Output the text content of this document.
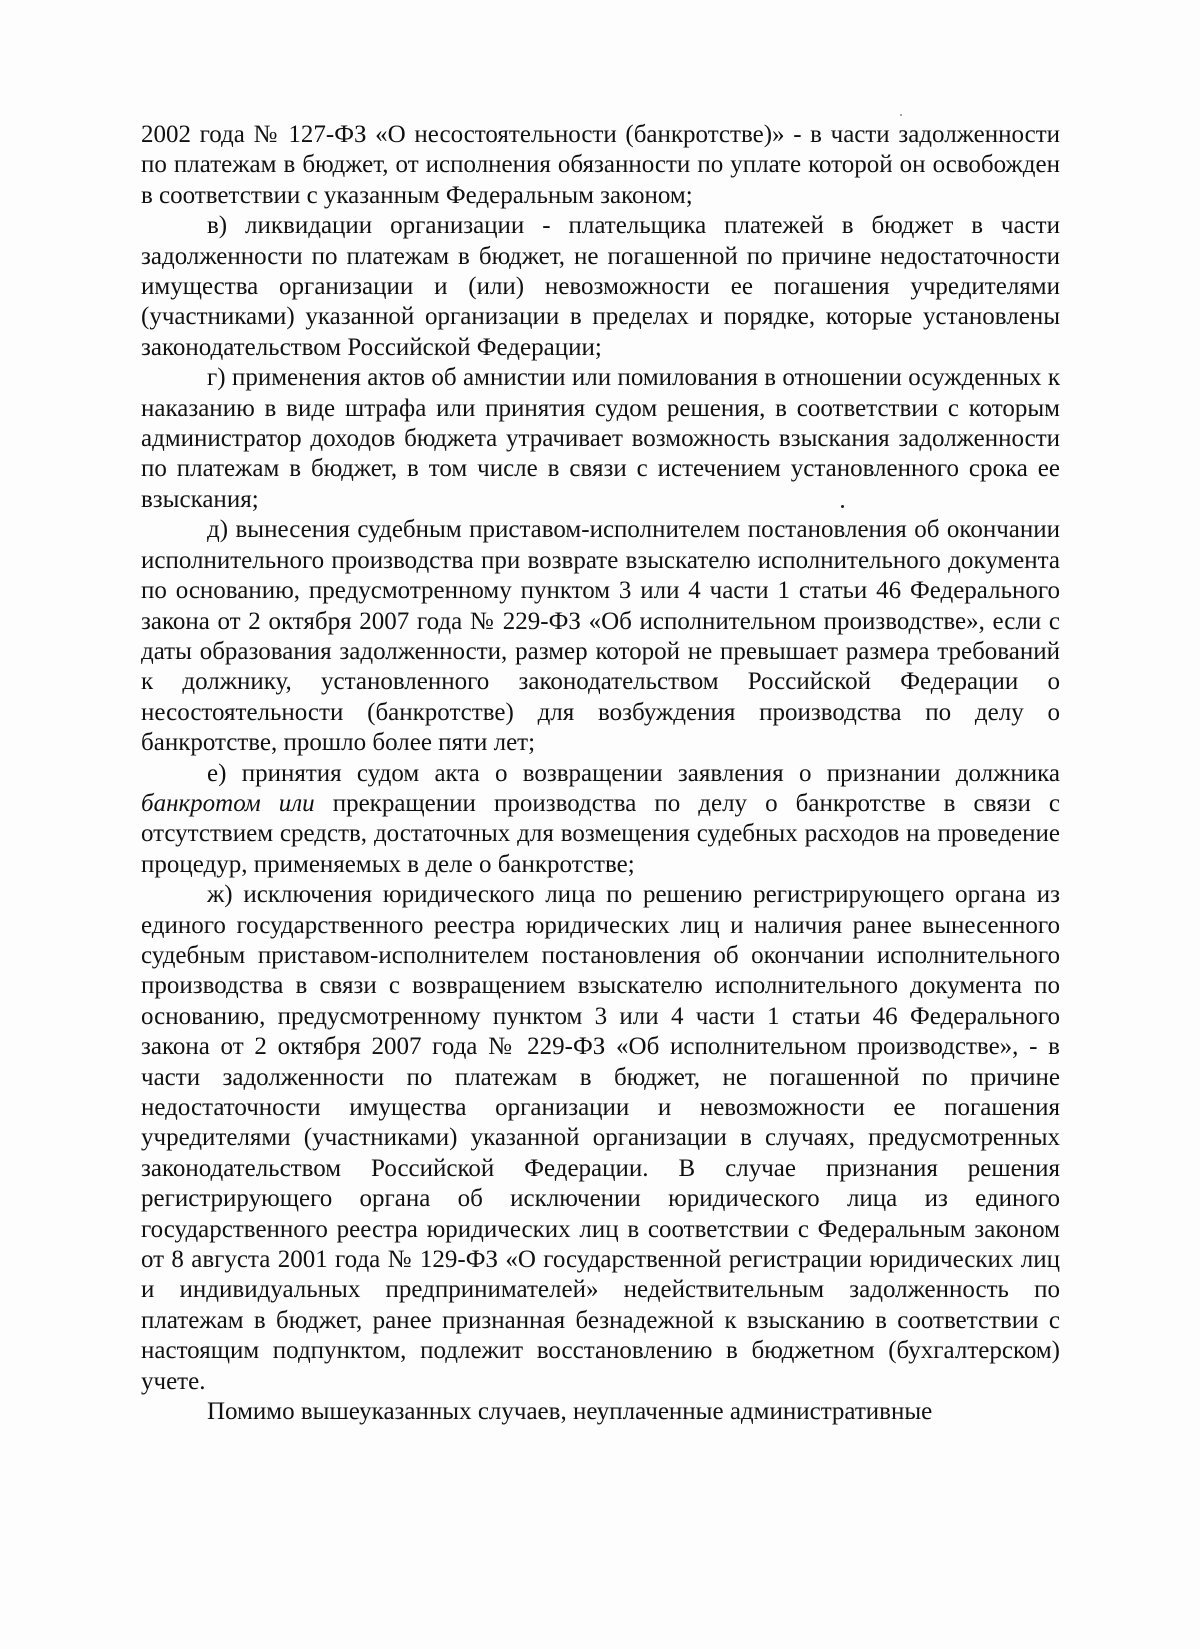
2002 года № 127-ФЗ «О несостоятельности (банкротстве)» - в части задолженности по платежам в бюджет, от исполнения обязанности по уплате которой он освобожден в соответствии с указанным Федеральным законом;

в) ликвидации организации - плательщика платежей в бюджет в части задолженности по платежам в бюджет, не погашенной по причине недостаточности имущества организации и (или) невозможности ее погашения учредителями (участниками) указанной организации в пределах и порядке, которые установлены законодательством Российской Федерации;

г) применения актов об амнистии или помилования в отношении осужденных к наказанию в виде штрафа или принятия судом решения, в соответствии с которым администратор доходов бюджета утрачивает возможность взыскания задолженности по платежам в бюджет, в том числе в связи с истечением установленного срока ее взыскания;

д) вынесения судебным приставом-исполнителем постановления об окончании исполнительного производства при возврате взыскателю исполнительного документа по основанию, предусмотренному пунктом 3 или 4 части 1 статьи 46 Федерального закона от 2 октября 2007 года № 229-ФЗ «Об исполнительном производстве», если с даты образования задолженности, размер которой не превышает размера требований к должнику, установленного законодательством Российской Федерации о несостоятельности (банкротстве) для возбуждения производства по делу о банкротстве, прошло более пяти лет;

е) принятия судом акта о возвращении заявления о признании должника банкротом или прекращении производства по делу о банкротстве в связи с отсутствием средств, достаточных для возмещения судебных расходов на проведение процедур, применяемых в деле о банкротстве;

ж) исключения юридического лица по решению регистрирующего органа из единого государственного реестра юридических лиц и наличия ранее вынесенного судебным приставом-исполнителем постановления об окончании исполнительного производства в связи с возвращением взыскателю исполнительного документа по основанию, предусмотренному пунктом 3 или 4 части 1 статьи 46 Федерального закона от 2 октября 2007 года № 229-ФЗ «Об исполнительном производстве», - в части задолженности по платежам в бюджет, не погашенной по причине недостаточности имущества организации и невозможности ее погашения учредителями (участниками) указанной организации в случаях, предусмотренных законодательством Российской Федерации. В случае признания решения регистрирующего органа об исключении юридического лица из единого государственного реестра юридических лиц в соответствии с Федеральным законом от 8 августа 2001 года № 129-ФЗ «О государственной регистрации юридических лиц и индивидуальных предпринимателей» недействительным задолженность по платежам в бюджет, ранее признанная безнадежной к взысканию в соответствии с настоящим подпунктом, подлежит восстановлению в бюджетном (бухгалтерском) учете.

Помимо вышеуказанных случаев, неуплаченные административные
